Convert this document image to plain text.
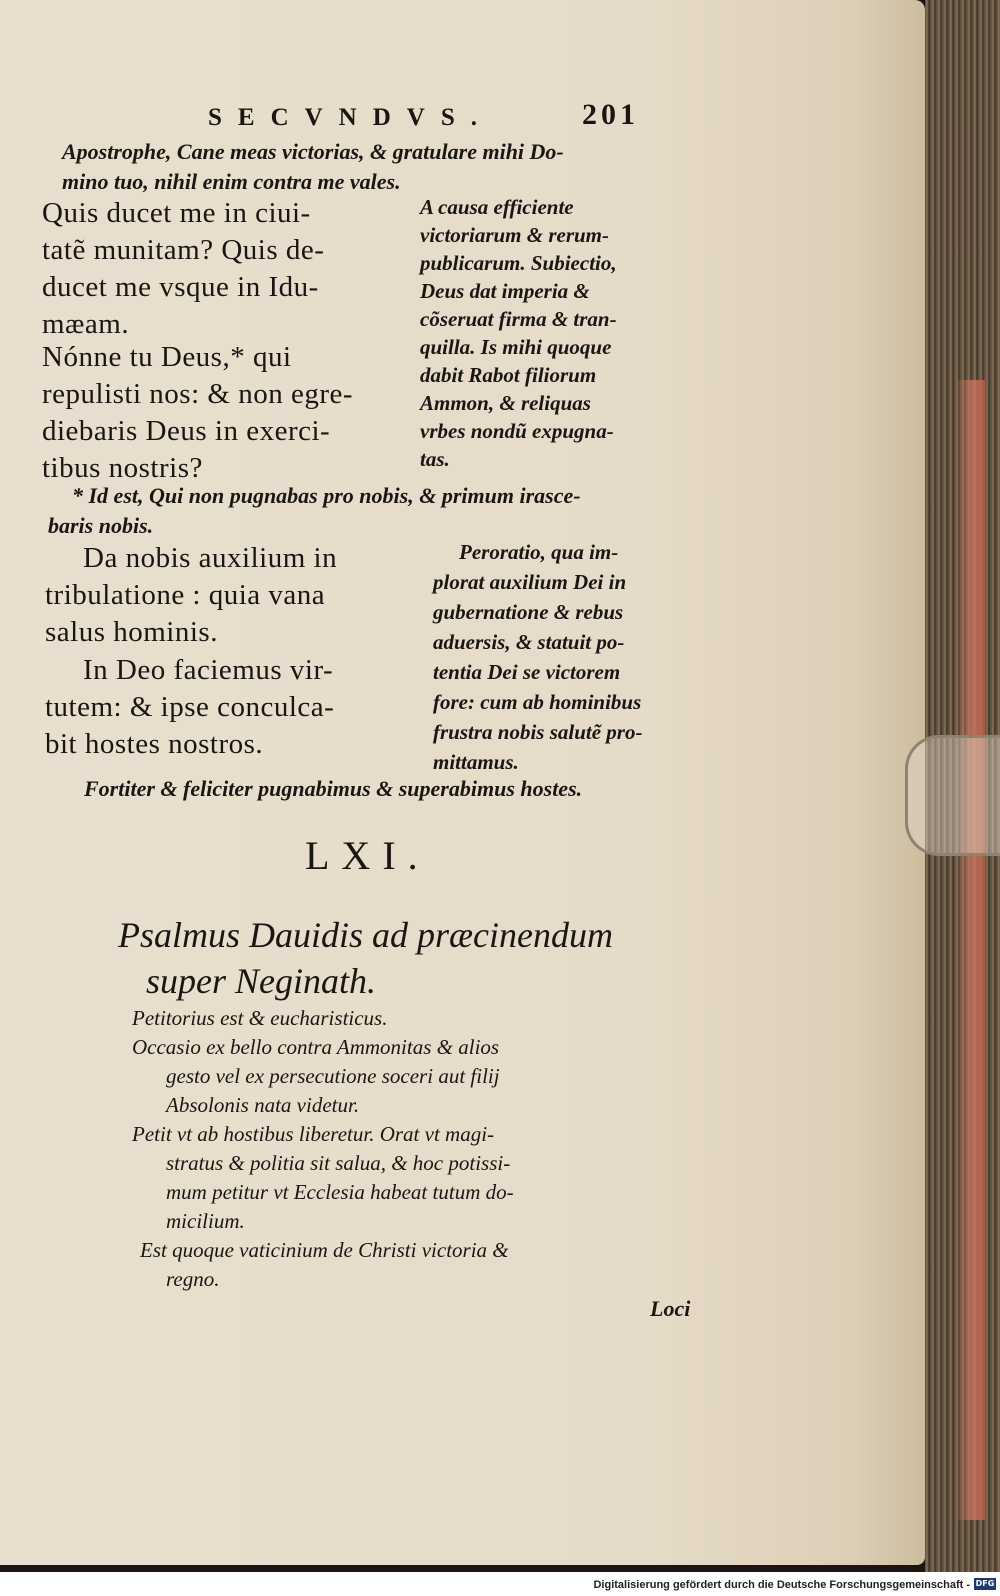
SECVNDVS.	201
Apostrophe, Cane meas victorias, & gratulare mihi Do-
mino tuo, nihil enim contra me vales.
Quis ducet me in ciui-
tatẽ munitam? Quis de-
ducet me vsque in Idu-
mæam.
Nónne tu Deus,* qui
repulisti nos: & non egre-
diebaris Deus in exerci-
tibus nostris?
A causa efficiente
victoriarum & rerum-
publicarum. Subiectio,
Deus dat imperia &
cõseruat firma & tran-
quilla. Is mihi quoque
dabit Rabot filiorum
Ammon, & reliquas
vrbes nondũ expugna-
tas.
* Id est, Qui non pugnabas pro nobis, & primum irasce-
baris nobis.
Da nobis auxilium in
tribulatione : quia vana
salus hominis.
In Deo faciemus vir-
tutem: & ipse conculca-
bit hostes nostros.
Peroratio, qua im-
plorat auxilium Dei in
gubernatione & rebus
aduersis, & statuit po-
tentia Dei se victorem
fore: cum ab hominibus
frustra nobis salutẽ pro-
mittamus.
Fortiter & feliciter pugnabimus & superabimus hostes.
LXI.
Psalmus Dauidis ad præcinendum
super Neginath.
Petitorius est & eucharisticus.
Occasio ex bello contra Ammonitas & alios
gesto vel ex persecutione soceri aut filij
Absolonis nata videtur.
Petit vt ab hostibus liberetur. Orat vt magi-
stratus & politia sit salua, & hoc potissi-
mum petitur vt Ecclesia habeat tutum do-
micilium.
Est quoque vaticinium de Christi victoria &
regno.
Loci
Digitalisierung gefördert durch die Deutsche Forschungsgemeinschaft - DFG
